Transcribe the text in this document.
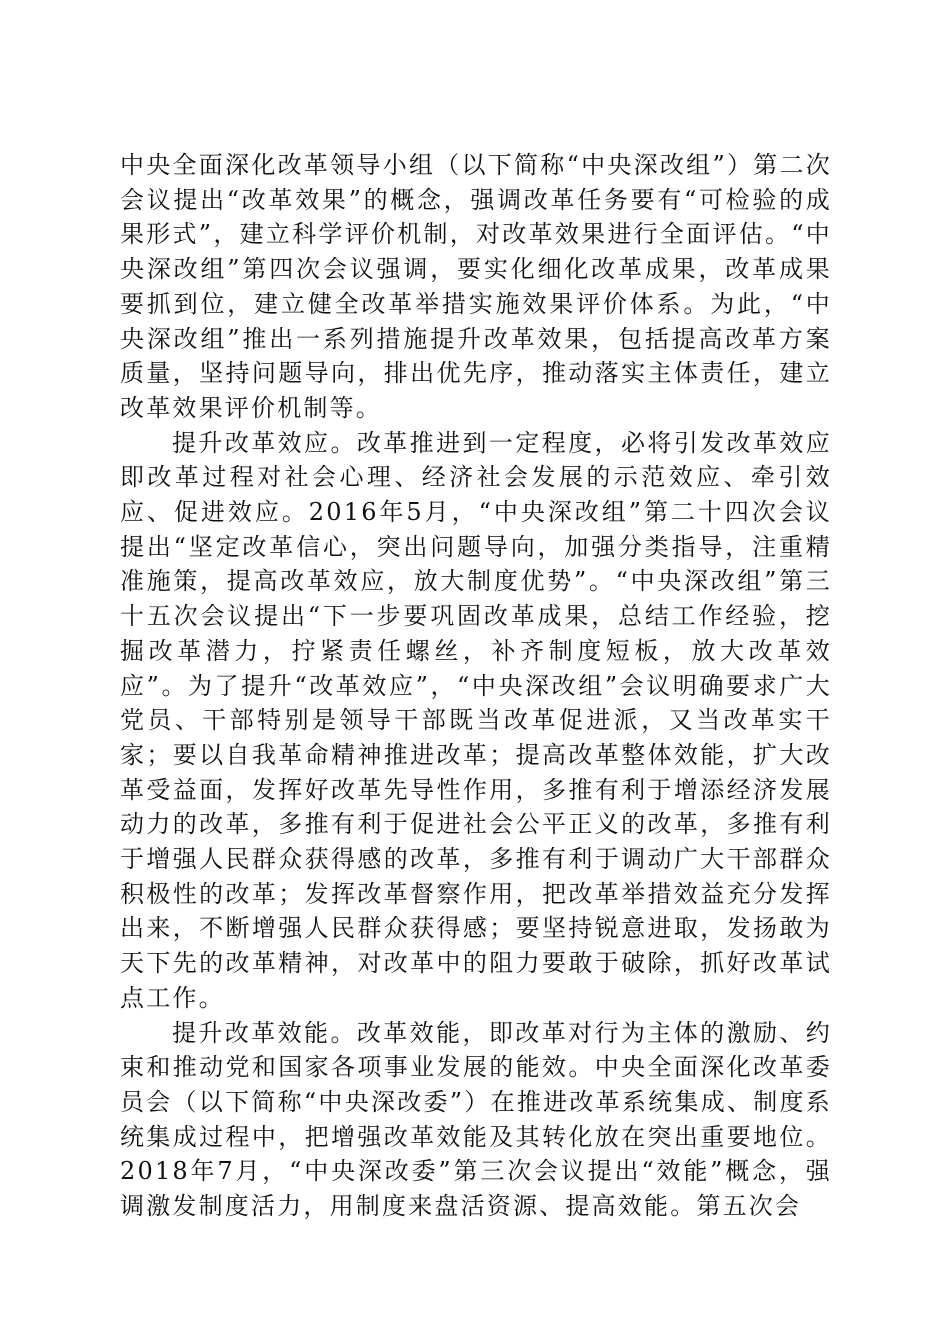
中央全面深化改革领导小组（以下简称“中央深改组”）第二次会议提出“改革效果”的概念，强调改革任务要有“可检验的成果形式”，建立科学评价机制，对改革效果进行全面评估。“中央深改组”第四次会议强调，要实化细化改革成果，改革成果要抓到位，建立健全改革举措实施效果评价体系。为此，“中央深改组”推出一系列措施提升改革效果，包括提高改革方案质量，坚持问题导向，排出优先序，推动落实主体责任，建立改革效果评价机制等。

提升改革效应。改革推进到一定程度，必将引发改革效应即改革过程对社会心理、经济社会发展的示范效应、牵引效应、促进效应。2016年5月，“中央深改组”第二十四次会议提出“坚定改革信心，突出问题导向，加强分类指导，注重精准施策，提高改革效应，放大制度优势”。“中央深改组”第三十五次会议提出“下一步要巩固改革成果，总结工作经验，挖掘改革潜力，拧紧责任螺丝，补齐制度短板，放大改革效应”。为了提升“改革效应”，“中央深改组”会议明确要求广大党员、干部特别是领导干部既当改革促进派，又当改革实干家；要以自我革命精神推进改革；提高改革整体效能，扩大改革受益面，发挥好改革先导性作用，多推有利于增添经济发展动力的改革，多推有利于促进社会公平正义的改革，多推有利于增强人民群众获得感的改革，多推有利于调动广大干部群众积极性的改革；发挥改革督察作用，把改革举措效益充分发挥出来，不断增强人民群众获得感；要坚持锐意进取，发扬敢为天下先的改革精神，对改革中的阻力要敢于破除，抓好改革试点工作。

提升改革效能。改革效能，即改革对行为主体的激励、约束和推动党和国家各项事业发展的能效。中央全面深化改革委员会（以下简称“中央深改委”）在推进改革系统集成、制度系统集成过程中，把增强改革效能及其转化放在突出重要地位。2018年7月，“中央深改委”第三次会议提出“效能”概念，强调激发制度活力，用制度来盘活资源、提高效能。第五次会
